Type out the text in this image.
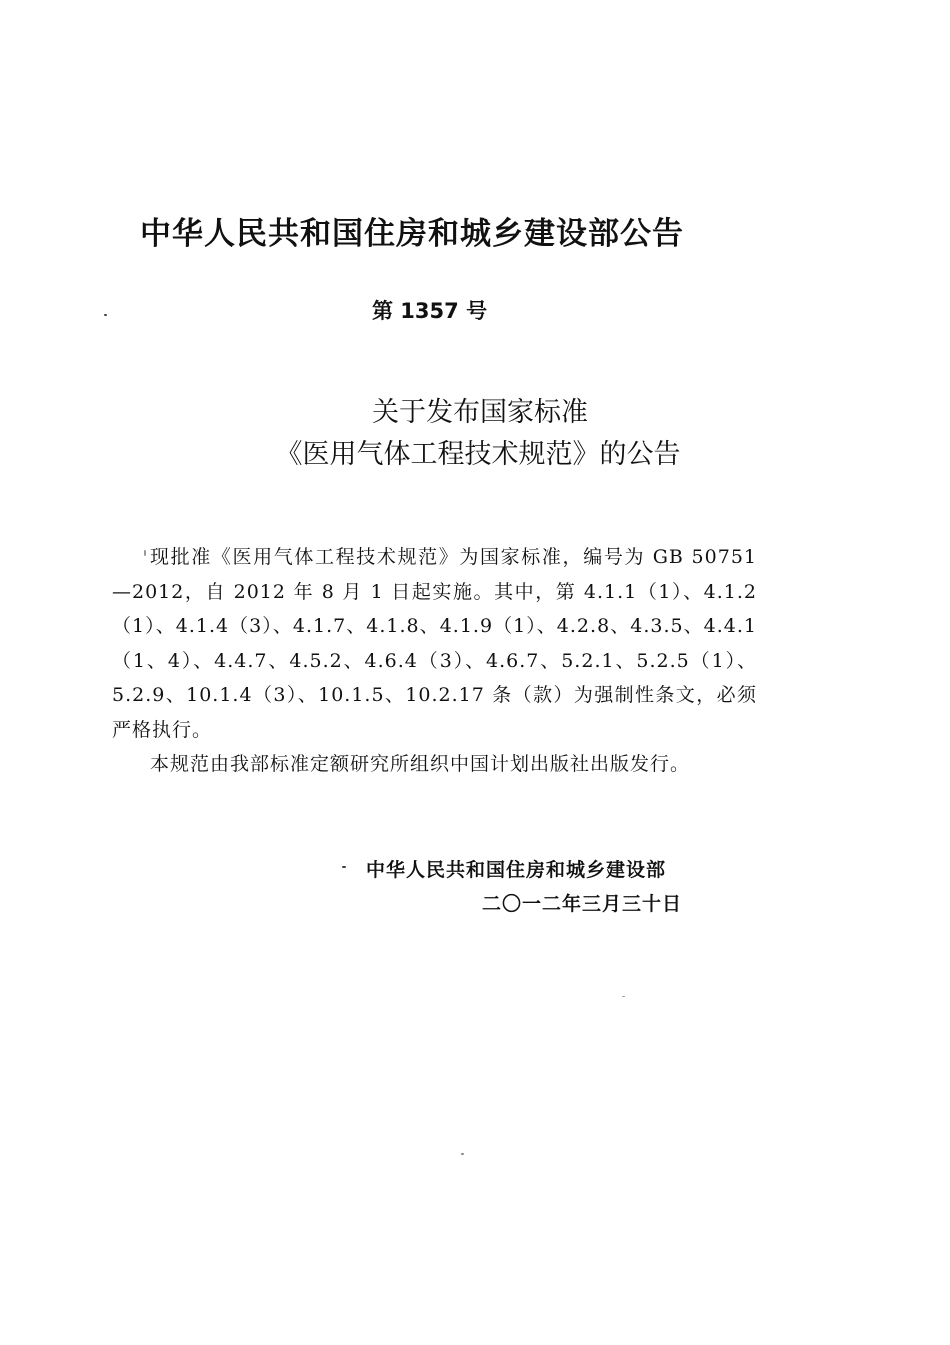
中华人民共和国住房和城乡建设部公告
第 1357 号
关于发布国家标准
《医用气体工程技术规范》的公告

现批准《医用气体工程技术规范》为国家标准，编号为 GB 50751—2012，自 2012 年 8 月 1 日起实施。其中，第 4.1.1（1）、4.1.2（1）、4.1.4（3）、4.1.7、4.1.8、4.1.9（1）、4.2.8、4.3.5、4.4.1（1、4）、4.4.7、4.5.2、4.6.4（3）、4.6.7、5.2.1、5.2.5（1）、5.2.9、10.1.4（3）、10.1.5、10.2.17 条（款）为强制性条文，必须严格执行。

本规范由我部标准定额研究所组织中国计划出版社出版发行。

中华人民共和国住房和城乡建设部
二〇一二年三月三十日
